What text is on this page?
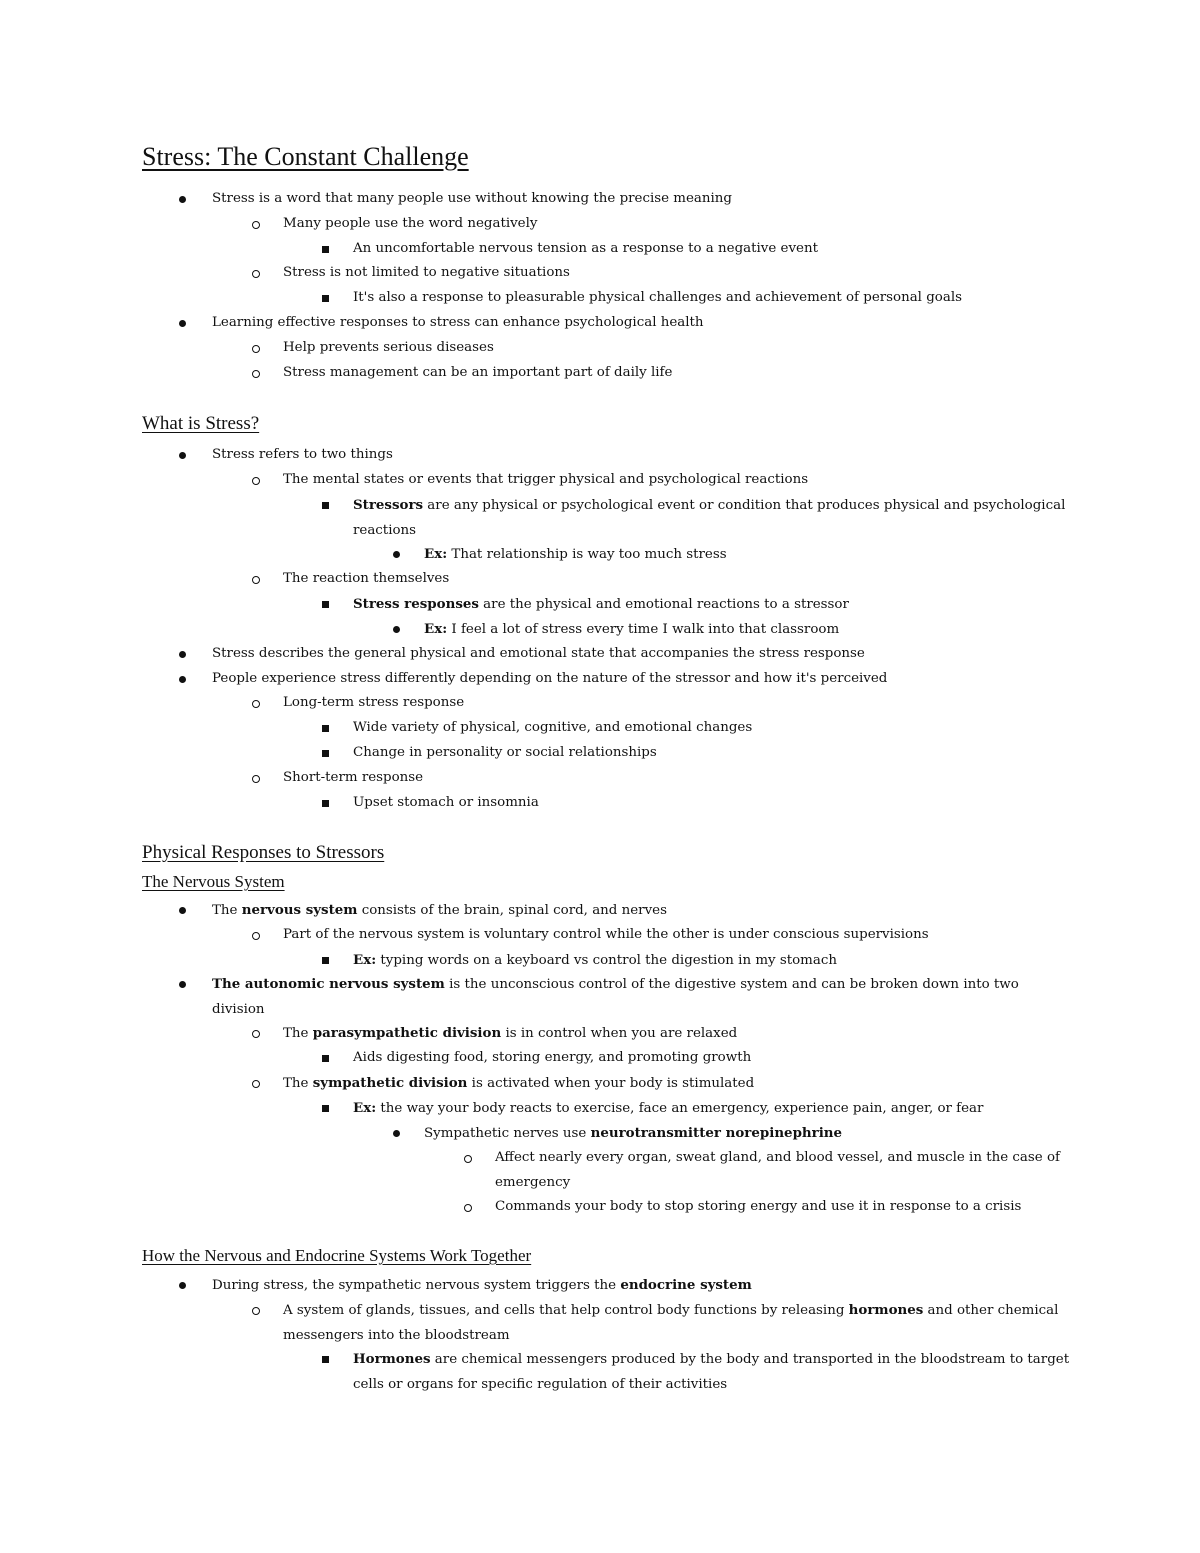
Stress: The Constant Challenge
Stress is a word that many people use without knowing the precise meaning
Many people use the word negatively
An uncomfortable nervous tension as a response to a negative event
Stress is not limited to negative situations
It's also a response to pleasurable physical challenges and achievement of personal goals
Learning effective responses to stress can enhance psychological health
Help prevents serious diseases
Stress management can be an important part of daily life
What is Stress?
Stress refers to two things
The mental states or events that trigger physical and psychological reactions
Stressors are any physical or psychological event or condition that produces physical and psychological reactions
Ex: That relationship is way too much stress
The reaction themselves
Stress responses are the physical and emotional reactions to a stressor
Ex: I feel a lot of stress every time I walk into that classroom
Stress describes the general physical and emotional state that accompanies the stress response
People experience stress differently depending on the nature of the stressor and how it's perceived
Long-term stress response
Wide variety of physical, cognitive, and emotional changes
Change in personality or social relationships
Short-term response
Upset stomach or insomnia
Physical Responses to Stressors
The Nervous System
The nervous system consists of the brain, spinal cord, and nerves
Part of the nervous system is voluntary control while the other is under conscious supervisions
Ex: typing words on a keyboard vs control the digestion in my stomach
The autonomic nervous system is the unconscious control of the digestive system and can be broken down into two division
The parasympathetic division is in control when you are relaxed
Aids digesting food, storing energy, and promoting growth
The sympathetic division is activated when your body is stimulated
Ex: the way your body reacts to exercise, face an emergency, experience pain, anger, or fear
Sympathetic nerves use neurotransmitter norepinephrine
Affect nearly every organ, sweat gland, and blood vessel, and muscle in the case of emergency
Commands your body to stop storing energy and use it in response to a crisis
How the Nervous and Endocrine Systems Work Together
During stress, the sympathetic nervous system triggers the endocrine system
A system of glands, tissues, and cells that help control body functions by releasing hormones and other chemical messengers into the bloodstream
Hormones are chemical messengers produced by the body and transported in the bloodstream to target cells or organs for specific regulation of their activities
